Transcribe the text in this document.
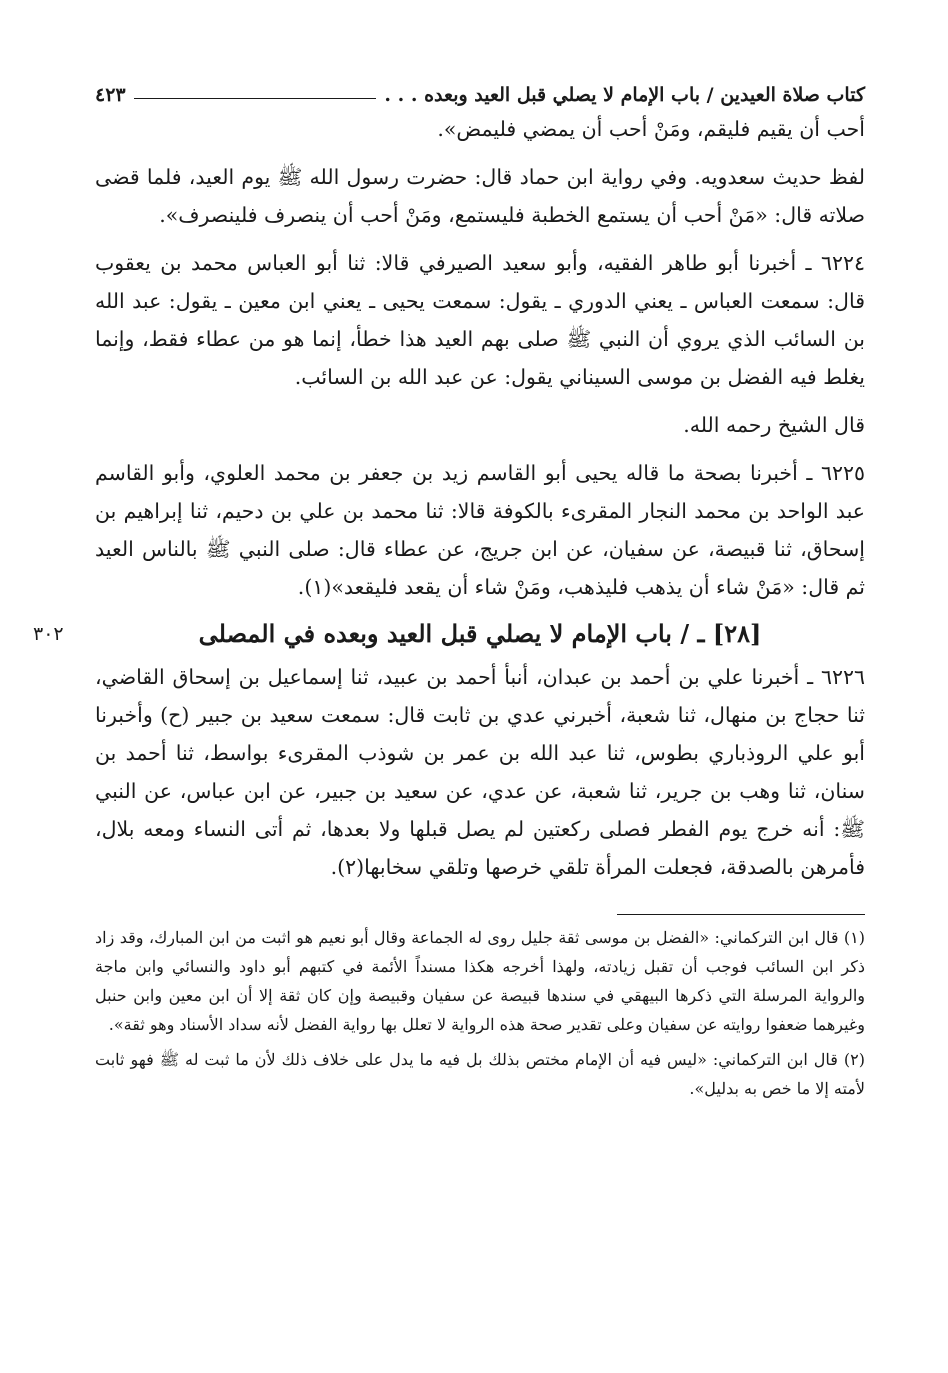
كتاب صلاة العيدين / باب الإمام لا يصلي قبل العيد وبعده . . .
٤٢٣

أحب أن يقيم فليقم، ومَنْ أحب أن يمضي فليمض».

لفظ حديث سعدويه. وفي رواية ابن حماد قال: حضرت رسول الله ﷺ يوم العيد، فلما قضى صلاته قال: «مَنْ أحب أن يستمع الخطبة فليستمع، ومَنْ أحب أن ينصرف فلينصرف».

٦٢٢٤ ـ أخبرنا أبو طاهر الفقيه، وأبو سعيد الصيرفي قالا: ثنا أبو العباس محمد بن يعقوب قال: سمعت العباس ـ يعني الدوري ـ يقول: سمعت يحيى ـ يعني ابن معين ـ يقول: عبد الله بن السائب الذي يروي أن النبي ﷺ صلى بهم العيد هذا خطأ، إنما هو من عطاء فقط، وإنما يغلط فيه الفضل بن موسى السيناني يقول: عن عبد الله بن السائب.

قال الشيخ رحمه الله.

٦٢٢٥ ـ أخبرنا بصحة ما قاله يحيى أبو القاسم زيد بن جعفر بن محمد العلوي، وأبو القاسم عبد الواحد بن محمد النجار المقرىء بالكوفة قالا: ثنا محمد بن علي بن دحيم، ثنا إبراهيم بن إسحاق، ثنا قبيصة، عن سفيان، عن ابن جريج، عن عطاء قال: صلى النبي ﷺ بالناس العيد ثم قال: «مَنْ شاء أن يذهب فليذهب، ومَنْ شاء أن يقعد فليقعد»(١).

[٢٨] ـ / باب الإمام لا يصلي قبل العيد وبعده في المصلى
٣٠٢

٦٢٢٦ ـ أخبرنا علي بن أحمد بن عبدان، أنبأ أحمد بن عبيد، ثنا إسماعيل بن إسحاق القاضي، ثنا حجاج بن منهال، ثنا شعبة، أخبرني عدي بن ثابت قال: سمعت سعيد بن جبير (ح) وأخبرنا أبو علي الروذباري بطوس، ثنا عبد الله بن عمر بن شوذب المقرىء بواسط، ثنا أحمد بن سنان، ثنا وهب بن جرير، ثنا شعبة، عن عدي، عن سعيد بن جبير، عن ابن عباس، عن النبي ﷺ: أنه خرج يوم الفطر فصلى ركعتين لم يصل قبلها ولا بعدها، ثم أتى النساء ومعه بلال، فأمرهن بالصدقة، فجعلت المرأة تلقي خرصها وتلقي سخابها(٢).

(١) قال ابن التركماني: «الفضل بن موسى ثقة جليل روى له الجماعة وقال أبو نعيم هو اثبت من ابن المبارك، وقد زاد ذكر ابن السائب فوجب أن تقبل زيادته، ولهذا أخرجه هكذا مسنداً الأئمة في كتبهم أبو داود والنسائي وابن ماجة والرواية المرسلة التي ذكرها البيهقي في سندها قبيصة عن سفيان وقبيصة وإن كان ثقة إلا أن ابن معين وابن حنبل وغيرهما ضعفوا روايته عن سفيان وعلى تقدير صحة هذه الرواية لا تعلل بها رواية الفضل لأنه سداد الأسناد وهو ثقة».

(٢) قال ابن التركماني: «ليس فيه أن الإمام مختص بذلك بل فيه ما يدل على خلاف ذلك لأن ما ثبت له ﷺ فهو ثابت لأمته إلا ما خص به بدليل».
